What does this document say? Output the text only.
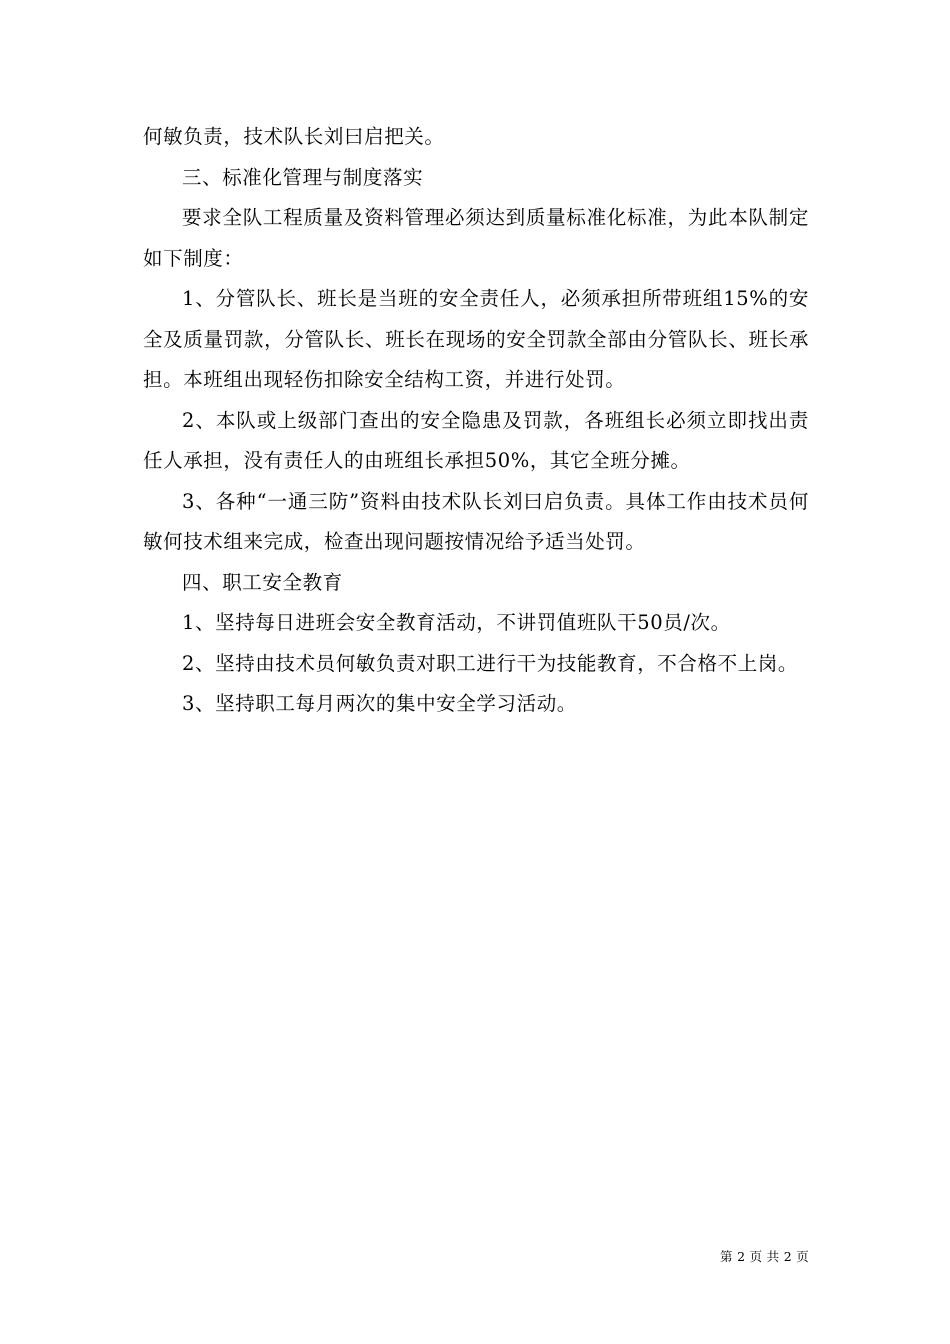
何敏负责，技术队长刘曰启把关。

三、标准化管理与制度落实

要求全队工程质量及资料管理必须达到质量标准化标准，为此本队制定如下制度：

1、分管队长、班长是当班的安全责任人，必须承担所带班组15%的安全及质量罚款，分管队长、班长在现场的安全罚款全部由分管队长、班长承担。本班组出现轻伤扣除安全结构工资，并进行处罚。

2、本队或上级部门查出的安全隐患及罚款，各班组长必须立即找出责任人承担，没有责任人的由班组长承担50%，其它全班分摊。

3、各种“一通三防”资料由技术队长刘曰启负责。具体工作由技术员何敏何技术组来完成，检查出现问题按情况给予适当处罚。

四、职工安全教育

1、坚持每日进班会安全教育活动，不讲罚值班队干50员/次。

2、坚持由技术员何敏负责对职工进行干为技能教育，不合格不上岗。

3、坚持职工每月两次的集中安全学习活动。

第 2 页 共 2 页
